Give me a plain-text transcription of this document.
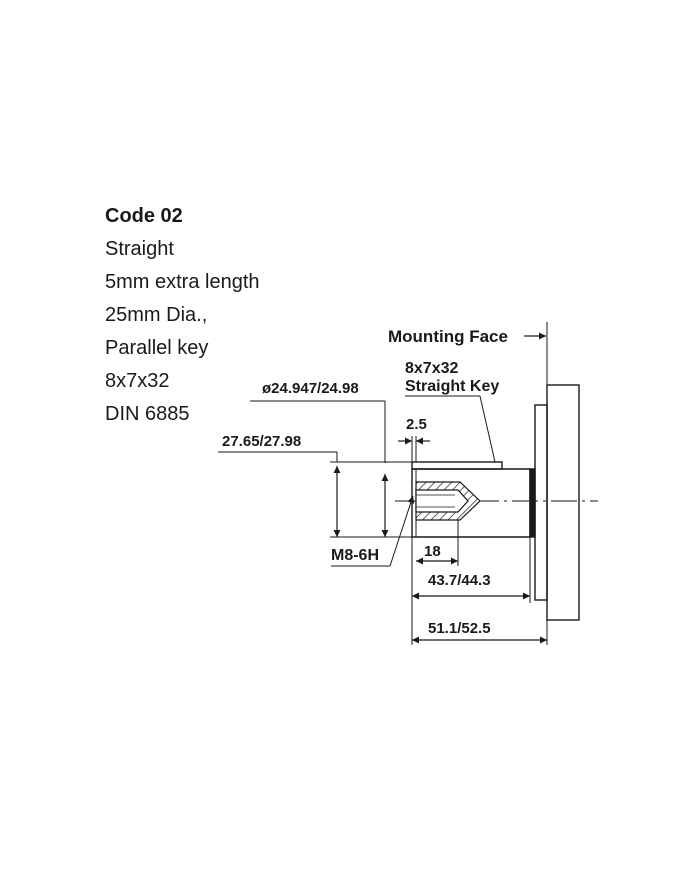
Code 02
Straight
5mm extra length
25mm Dia.,
Parallel key
8x7x32
DIN 6885
Mounting Face
8x7x32
Straight Key
ø24.947/24.98
27.65/27.98
2.5
M8-6H	18
43.7/44.3
51.1/52.5
